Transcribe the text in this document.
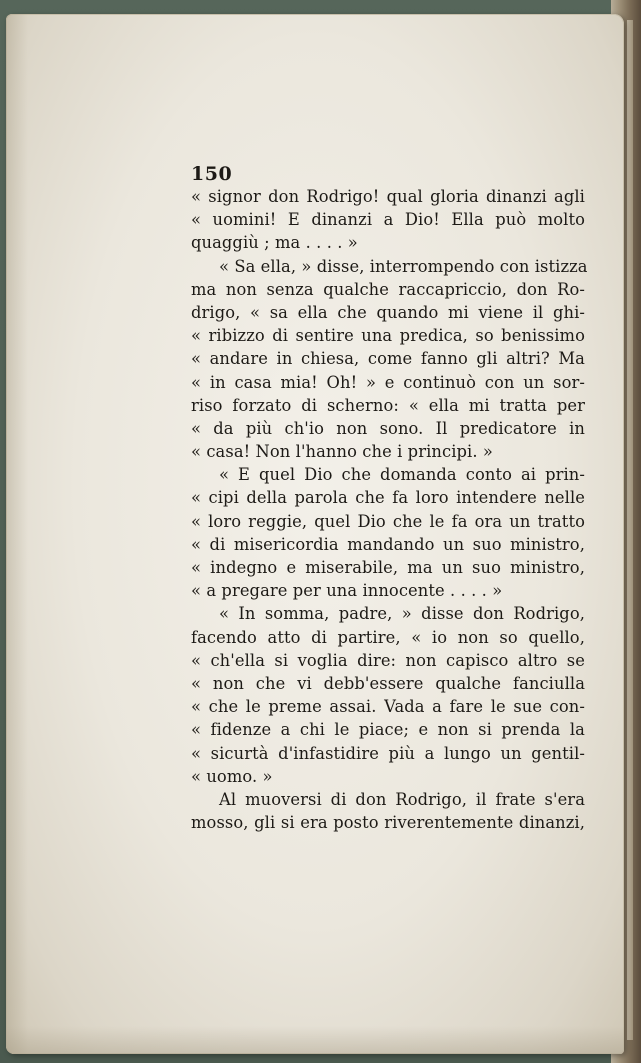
150
« signor don Rodrigo! qual gloria dinanzi agli
« uomini! E dinanzi a Dio! Ella può molto
quaggiù ; ma . . . . »
« Sa ella, » disse, interrompendo con istizza
ma non senza qualche raccapriccio, don Ro-
drigo, « sa ella che quando mi viene il ghi-
« ribizzo di sentire una predica, so benissimo
« andare in chiesa, come fanno gli altri? Ma
« in casa mia! Oh! » e continuò con un sor-
riso forzato di scherno: « ella mi tratta per
« da più ch'io non sono. Il predicatore in
« casa! Non l'hanno che i principi. »
« E quel Dio che domanda conto ai prin-
« cipi della parola che fa loro intendere nelle
« loro reggie, quel Dio che le fa ora un tratto
« di misericordia mandando un suo ministro,
« indegno e miserabile, ma un suo ministro,
« a pregare per una innocente . . . . »
« In somma, padre, » disse don Rodrigo,
facendo atto di partire, « io non so quello,
« ch'ella si voglia dire: non capisco altro se
« non che vi debb'essere qualche fanciulla
« che le preme assai. Vada a fare le sue con-
« fidenze a chi le piace; e non si prenda la
« sicurtà d'infastidire più a lungo un gentil-
« uomo. »
Al muoversi di don Rodrigo, il frate s'era
mosso, gli si era posto riverentemente dinanzi,
